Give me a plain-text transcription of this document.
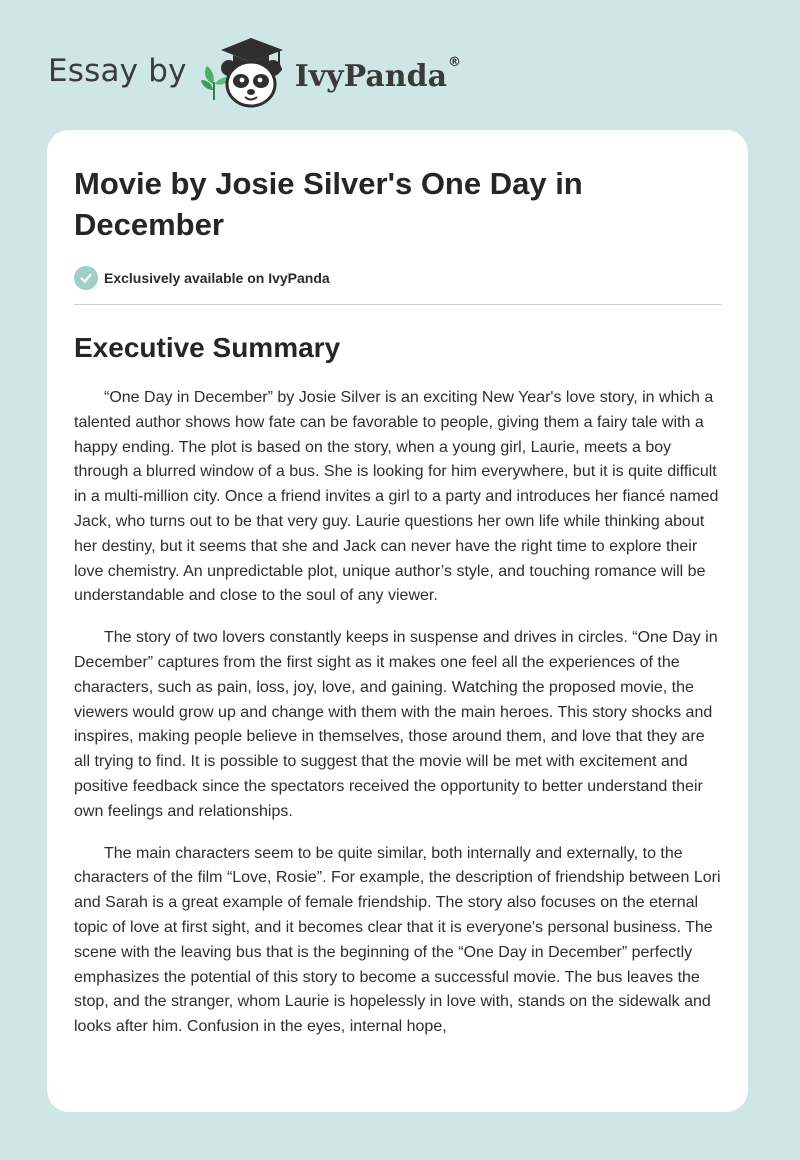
Essay by	IvyPanda®
Movie by Josie Silver's One Day in December
Exclusively available on IvyPanda
Executive Summary

“One Day in December” by Josie Silver is an exciting New Year's love story, in which a talented author shows how fate can be favorable to people, giving them a fairy tale with a happy ending. The plot is based on the story, when a young girl, Laurie, meets a boy through a blurred window of a bus. She is looking for him everywhere, but it is quite difficult in a multi-million city. Once a friend invites a girl to a party and introduces her fiancé named Jack, who turns out to be that very guy. Laurie questions her own life while thinking about her destiny, but it seems that she and Jack can never have the right time to explore their love chemistry. An unpredictable plot, unique author’s style, and touching romance will be understandable and close to the soul of any viewer.

The story of two lovers constantly keeps in suspense and drives in circles. “One Day in December” captures from the first sight as it makes one feel all the experiences of the characters, such as pain, loss, joy, love, and gaining. Watching the proposed movie, the viewers would grow up and change with them with the main heroes. This story shocks and inspires, making people believe in themselves, those around them, and love that they are all trying to find. It is possible to suggest that the movie will be met with excitement and positive feedback since the spectators received the opportunity to better understand their own feelings and relationships.

The main characters seem to be quite similar, both internally and externally, to the characters of the film “Love, Rosie”. For example, the description of friendship between Lori and Sarah is a great example of female friendship. The story also focuses on the eternal topic of love at first sight, and it becomes clear that it is everyone's personal business. The scene with the leaving bus that is the beginning of the “One Day in December” perfectly emphasizes the potential of this story to become a successful movie. The bus leaves the stop, and the stranger, whom Laurie is hopelessly in love with, stands on the sidewalk and looks after him. Confusion in the eyes, internal hope,
